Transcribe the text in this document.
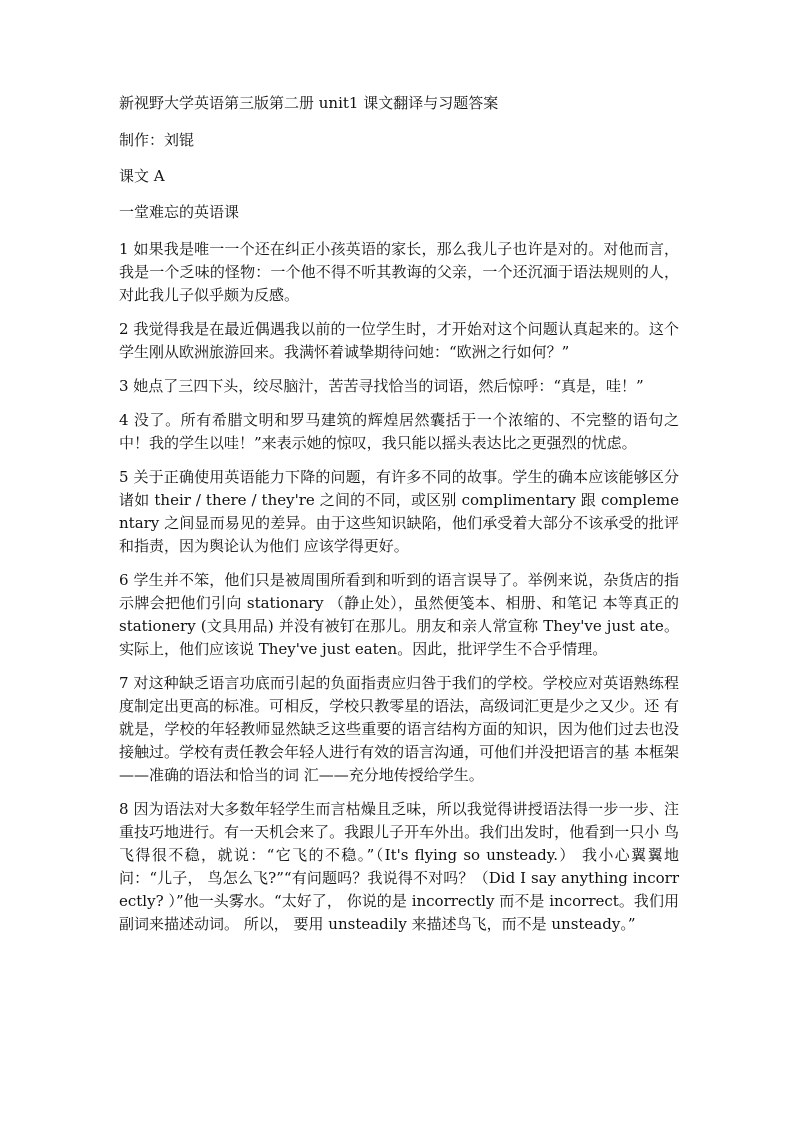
新视野大学英语第三版第二册 unit1 课文翻译与习题答案

制作：刘锟

课文 A

一堂难忘的英语课

1 如果我是唯一一个还在纠正小孩英语的家长，那么我儿子也许是对的。对他而言，我是一个乏味的怪物：一个他不得不听其教诲的父亲，一个还沉湎于语法规则的人，对此我儿子似乎颇为反感。

2 我觉得我是在最近偶遇我以前的一位学生时，才开始对这个问题认真起来的。这个学生刚从欧洲旅游回来。我满怀着诚挚期待问她：“欧洲之行如何？”

3 她点了三四下头，绞尽脑汁，苦苦寻找恰当的词语，然后惊呼：“真是，哇！”

4 没了。所有希腊文明和罗马建筑的辉煌居然囊括于一个浓缩的、不完整的语句之中！我的学生以哇！”来表示她的惊叹，我只能以摇头表达比之更强烈的忧虑。

5 关于正确使用英语能力下降的问题，有许多不同的故事。学生的确本应该能够区分诸如 their / there / they're 之间的不同，或区别 complimentary 跟 complementary 之间显而易见的差异。由于这些知识缺陷，他们承受着大部分不该承受的批评和指责，因为舆论认为他们 应该学得更好。

6 学生并不笨，他们只是被周围所看到和听到的语言误导了。举例来说，杂货店的指示牌会把他们引向 stationary （静止处），虽然便笺本、相册、和笔记 本等真正的 stationery (文具用品) 并没有被钉在那儿。朋友和亲人常宣称 They've just ate。实际上，他们应该说 They've just eaten。因此，批评学生不合乎情理。

7 对这种缺乏语言功底而引起的负面指责应归咎于我们的学校。学校应对英语熟练程度制定出更高的标准。可相反，学校只教零星的语法，高级词汇更是少之又少。还 有就是，学校的年轻教师显然缺乏这些重要的语言结构方面的知识，因为他们过去也没接触过。学校有责任教会年轻人进行有效的语言沟通，可他们并没把语言的基 本框架——准确的语法和恰当的词 汇——充分地传授给学生。

8 因为语法对大多数年轻学生而言枯燥且乏味，所以我觉得讲授语法得一步一步、注重技巧地进行。有一天机会来了。我跟儿子开车外出。我们出发时，他看到一只小 鸟飞得很不稳，就说：“它飞的不稳。”（It's flying so unsteady.） 我小心翼翼地问：“儿子， 鸟怎么飞?”“有问题吗？我说得不对吗？（Did I say anything incorrectly? ）”他一头雾水。“太好了， 你说的是 incorrectly 而不是 incorrect。我们用副词来描述动词。 所以， 要用 unsteadily 来描述鸟飞，而不是 unsteady。”
